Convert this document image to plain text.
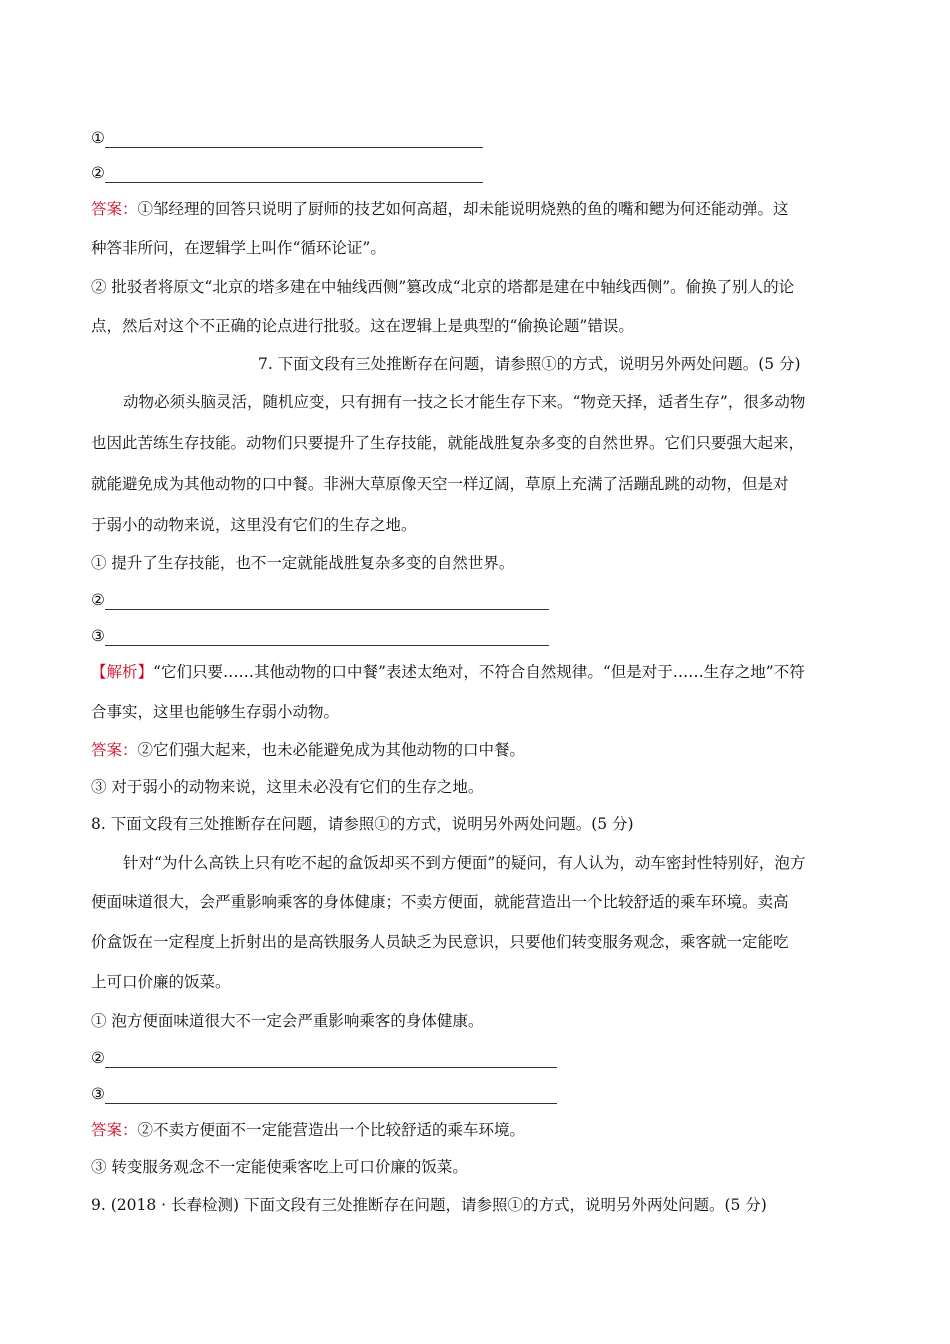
①
②
答案：①邹经理的回答只说明了厨师的技艺如何高超，却未能说明烧熟的鱼的嘴和鳃为何还能动弹。这
种答非所问，在逻辑学上叫作“循环论证”。
② 批驳者将原文“北京的塔多建在中轴线西侧”篡改成“北京的塔都是建在中轴线西侧”。偷换了别人的论
点，然后对这个不正确的论点进行批驳。这在逻辑上是典型的“偷换论题”错误。
7. 下面文段有三处推断存在问题，请参照①的方式，说明另外两处问题。(5 分)
动物必须头脑灵活，随机应变，只有拥有一技之长才能生存下来。“物竞天择，适者生存”，很多动物
也因此苦练生存技能。动物们只要提升了生存技能，就能战胜复杂多变的自然世界。它们只要强大起来，
就能避免成为其他动物的口中餐。非洲大草原像天空一样辽阔，草原上充满了活蹦乱跳的动物，但是对
于弱小的动物来说，这里没有它们的生存之地。
① 提升了生存技能，也不一定就能战胜复杂多变的自然世界。
②
③
【解析】“它们只要……其他动物的口中餐”表述太绝对，不符合自然规律。“但是对于……生存之地”不符
合事实，这里也能够生存弱小动物。
答案：②它们强大起来，也未必能避免成为其他动物的口中餐。
③ 对于弱小的动物来说，这里未必没有它们的生存之地。
8. 下面文段有三处推断存在问题，请参照①的方式，说明另外两处问题。(5 分)
针对“为什么高铁上只有吃不起的盒饭却买不到方便面”的疑问，有人认为，动车密封性特别好，泡方
便面味道很大，会严重影响乘客的身体健康；不卖方便面，就能营造出一个比较舒适的乘车环境。卖高
价盒饭在一定程度上折射出的是高铁服务人员缺乏为民意识，只要他们转变服务观念，乘客就一定能吃
上可口价廉的饭菜。
① 泡方便面味道很大不一定会严重影响乘客的身体健康。
②
③
答案：②不卖方便面不一定能营造出一个比较舒适的乘车环境。
③ 转变服务观念不一定能使乘客吃上可口价廉的饭菜。
9. (2018 · 长春检测) 下面文段有三处推断存在问题，请参照①的方式，说明另外两处问题。(5 分)
